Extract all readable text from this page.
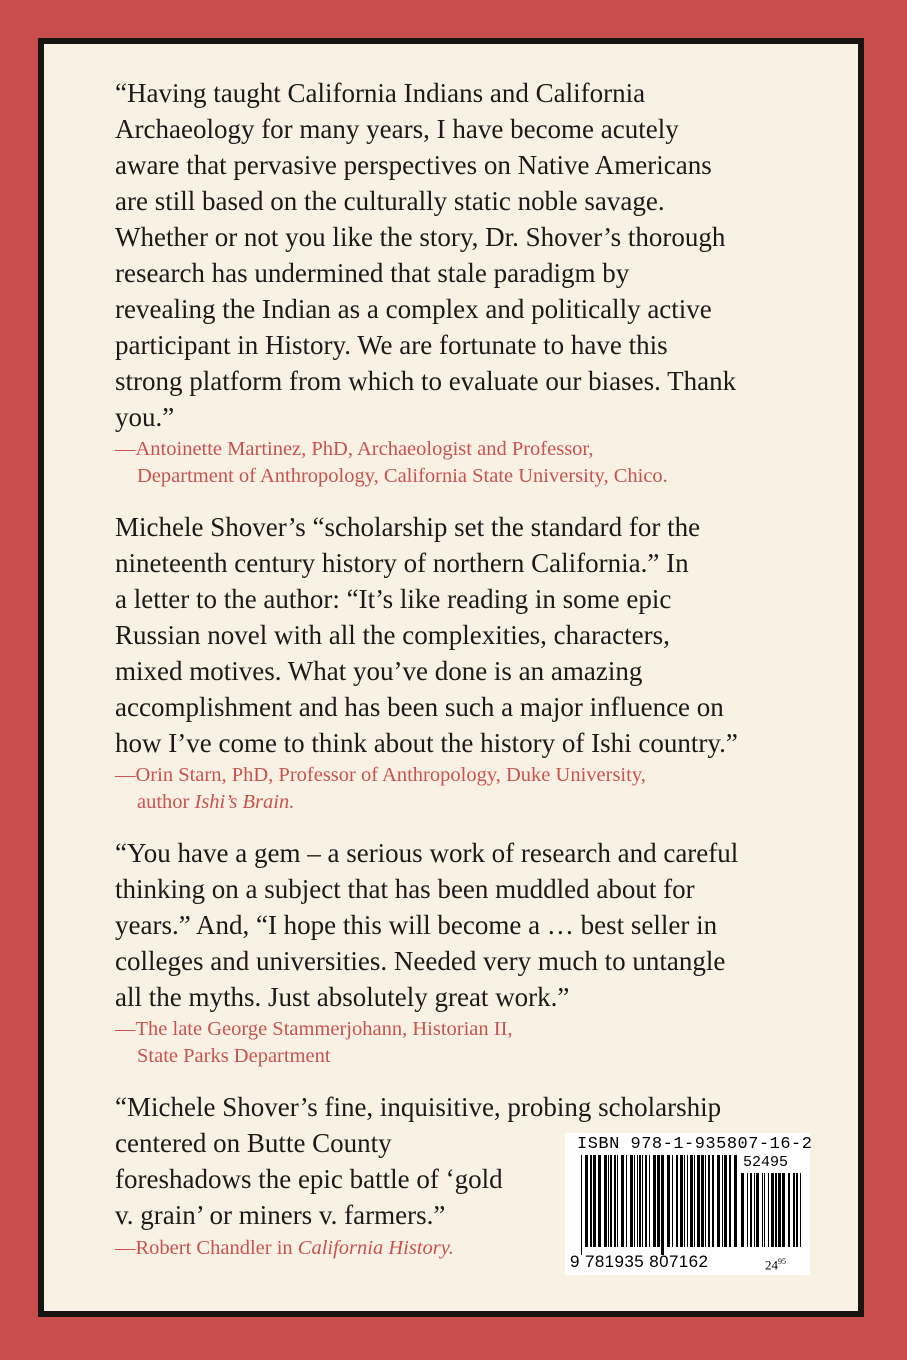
“Having taught California Indians and California
Archaeology for many years, I have become acutely
aware that pervasive perspectives on Native Americans
are still based on the culturally static noble savage.
Whether or not you like the story, Dr. Shover’s thorough
research has undermined that stale paradigm by
revealing the Indian as a complex and politically active
participant in History. We are fortunate to have this
strong platform from which to evaluate our biases. Thank
you.”
—Antoinette Martinez, PhD, Archaeologist and Professor,
Department of Anthropology, California State University, Chico.
Michele Shover’s “scholarship set the standard for the
nineteenth century history of northern California.” In
a letter to the author: “It’s like reading in some epic
Russian novel with all the complexities, characters,
mixed motives. What you’ve done is an amazing
accomplishment and has been such a major influence on
how I’ve come to think about the history of Ishi country.”
—Orin Starn, PhD, Professor of Anthropology, Duke University,
author Ishi’s Brain.
“You have a gem – a serious work of research and careful
thinking on a subject that has been muddled about for
years.” And, “I hope this will become a … best seller in
colleges and universities. Needed very much to untangle
all the myths. Just absolutely great work.”
—The late George Stammerjohann, Historian II,
State Parks Department
“Michele Shover’s fine, inquisitive, probing scholarship
centered on Butte County
foreshadows the epic battle of ‘gold
v. grain’ or miners v. farmers.”
—Robert Chandler in California History.
ISBN 978-1-935807-16-2
52495
9 781935 807162	$24^{95}$
